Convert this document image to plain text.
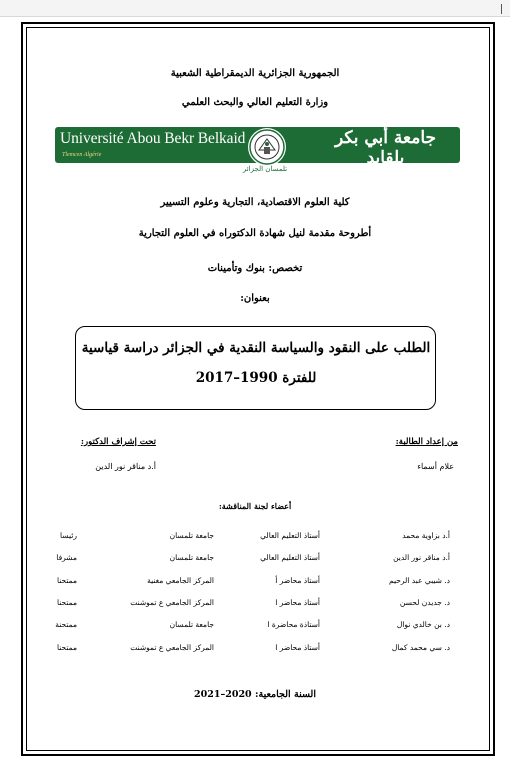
الجمهورية الجزائرية الديمقراطية الشعبية
وزارة التعليم العالي والبحث العلمي
Université Abou Bekr Belkaid
Tlemcen Algérie
جامعة أبي بكر بلقايد
تلمسان الجزائر
كلية العلوم الاقتصادية، التجارية وعلوم التسيير
أطروحة مقدمة لنيل شهادة الدكتوراه في العلوم التجارية
تخصص: بنوك وتأمينات
بعنوان:
الطلب على النقود والسياسة النقدية في الجزائر دراسة قياسية
للفترة 1990–2017
من إعداد الطالبة:
علام أسماء
تحت إشراف الدكتور:
أ.د مناقر نور الدين
أعضاء لجنة المناقشة:
أ.د بزاوية محمد
أستاذ التعليم العالي
جامعة تلمسان
رئيسا
أ.د مناقر نور الدين
أستاذ التعليم العالي
جامعة تلمسان
مشرفا
د. شيبي عبد الرحيم
أستاذ محاضر أ
المركز الجامعي مغنية
ممتحنا
د. جديدن لحسن
أستاذ محاضر ا
المركز الجامعي ع تموشنت
ممتحنا
د. بن خالدي نوال
أستاذة محاضرة ا
جامعة تلمسان
ممتحنة
د. سي محمد كمال
أستاذ محاضر ا
المركز الجامعي ع تموشنت
ممتحنا
السنة الجامعية: 2020–2021
